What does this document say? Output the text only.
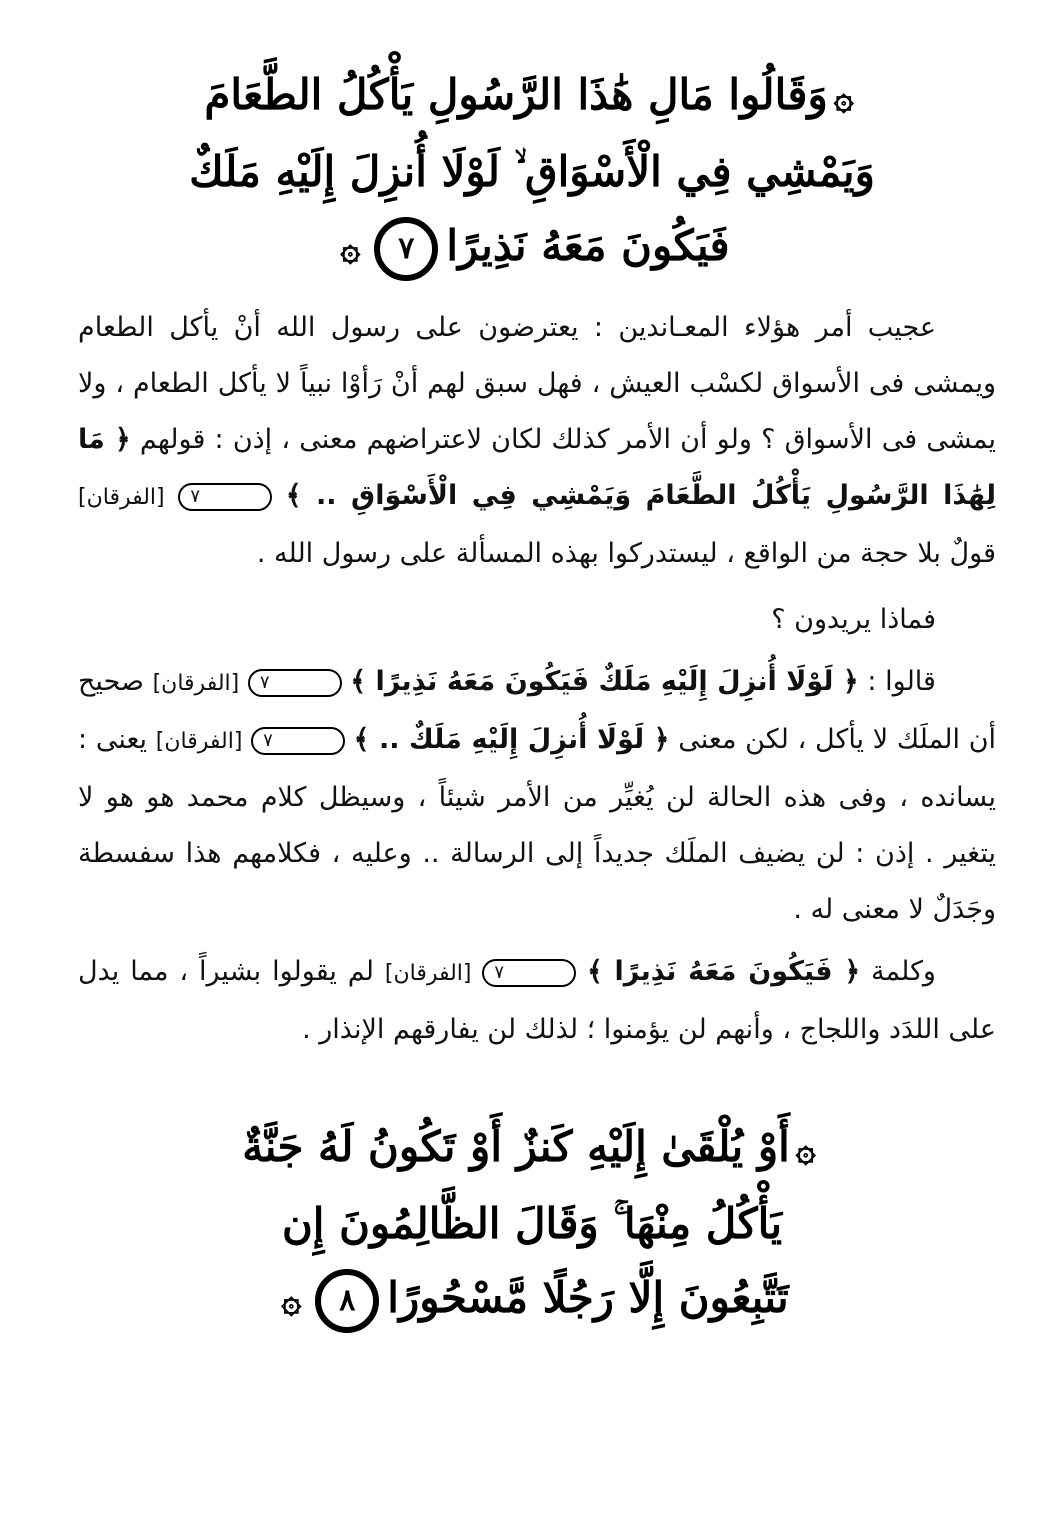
۞وَقَالُوا مَالِ هَٰذَا الرَّسُولِ يَأْكُلُ الطَّعَامَ
وَيَمْشِي فِي الْأَسْوَاقِ ۙ لَوْلَا أُنزِلَ إِلَيْهِ مَلَكٌ
فَيَكُونَ مَعَهُ نَذِيرًا٧۞

عجيب أمر هؤلاء المعـاندين : يعترضون على رسول الله أنْ يأكل الطعام ويمشى فى الأسواق لكسْب العيش ، فهل سبق لهم أنْ رَأوْا نبياً لا يأكل الطعام ، ولا يمشى فى الأسواق ؟ ولو أن الأمر كذلك لكان لاعتراضهم معنى ، إذن : قولهم ﴿ مَا لِهَٰذَا الرَّسُولِ يَأْكُلُ الطَّعَامَ وَيَمْشِي فِي الْأَسْوَاقِ .. ﴾ ٧ [الفرقان] قولٌ بلا حجة من الواقع ، ليستدركوا بهذه المسألة على رسول الله .

فماذا يريدون ؟

قالوا : ﴿ لَوْلَا أُنزِلَ إِلَيْهِ مَلَكٌ فَيَكُونَ مَعَهُ نَذِيرًا ﴾ ٧ [الفرقان] صحيح أن الملَك لا يأكل ، لكن معنى ﴿ لَوْلَا أُنزِلَ إِلَيْهِ مَلَكٌ .. ﴾ ٧ [الفرقان] يعنى : يسانده ، وفى هذه الحالة لن يُغيِّر من الأمر شيئاً ، وسيظل كلام محمد هو هو لا يتغير . إذن : لن يضيف الملَك جديداً إلى الرسالة .. وعليه ، فكلامهم هذا سفسطة وجَدَلٌ لا معنى له .

وكلمة ﴿ فَيَكُونَ مَعَهُ نَذِيرًا ﴾ ٧ [الفرقان] لم يقولوا بشيراً ، مما يدل على اللدَد واللجاج ، وأنهم لن يؤمنوا ؛ لذلك لن يفارقهم الإنذار .

۞أَوْ يُلْقَىٰ إِلَيْهِ كَنزٌ أَوْ تَكُونُ لَهُ جَنَّةٌ
يَأْكُلُ مِنْهَا ۚ وَقَالَ الظَّالِمُونَ إِن
تَتَّبِعُونَ إِلَّا رَجُلًا مَّسْحُورًا٨۞
